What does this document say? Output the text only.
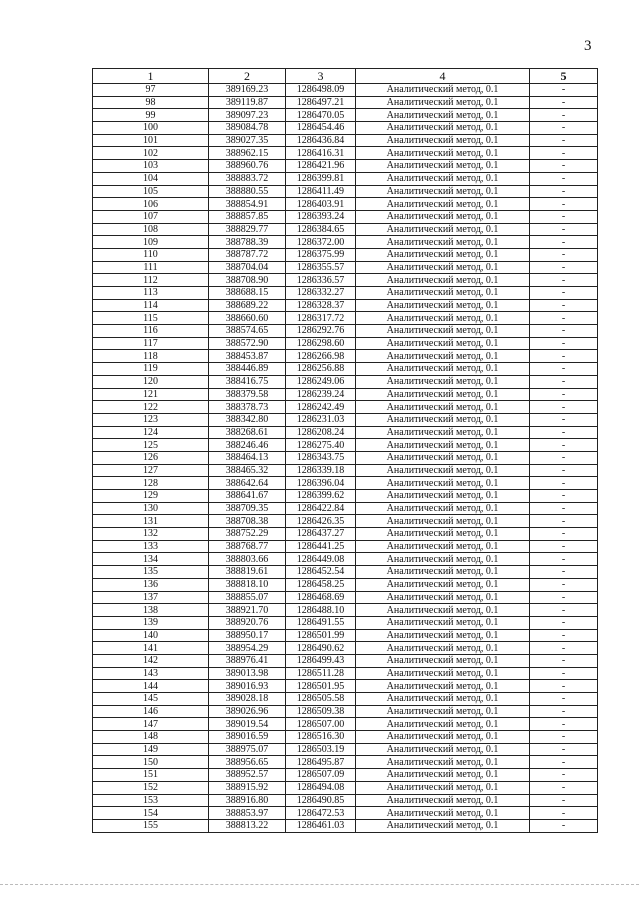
3
1	2	3	4	5
97	389169.23	1286498.09	Аналитический метод, 0.1	-
98	389119.87	1286497.21	Аналитический метод, 0.1	-
99	389097.23	1286470.05	Аналитический метод, 0.1	-
100	389084.78	1286454.46	Аналитический метод, 0.1	-
101	389027.35	1286436.84	Аналитический метод, 0.1	-
102	388962.15	1286416.31	Аналитический метод, 0.1	-
103	388960.76	1286421.96	Аналитический метод, 0.1	-
104	388883.72	1286399.81	Аналитический метод, 0.1	-
105	388880.55	1286411.49	Аналитический метод, 0.1	-
106	388854.91	1286403.91	Аналитический метод, 0.1	-
107	388857.85	1286393.24	Аналитический метод, 0.1	-
108	388829.77	1286384.65	Аналитический метод, 0.1	-
109	388788.39	1286372.00	Аналитический метод, 0.1	-
110	388787.72	1286375.99	Аналитический метод, 0.1	-
111	388704.04	1286355.57	Аналитический метод, 0.1	-
112	388708.90	1286336.57	Аналитический метод, 0.1	-
113	388688.15	1286332.27	Аналитический метод, 0.1	-
114	388689.22	1286328.37	Аналитический метод, 0.1	-
115	388660.60	1286317.72	Аналитический метод, 0.1	-
116	388574.65	1286292.76	Аналитический метод, 0.1	-
117	388572.90	1286298.60	Аналитический метод, 0.1	-
118	388453.87	1286266.98	Аналитический метод, 0.1	-
119	388446.89	1286256.88	Аналитический метод, 0.1	-
120	388416.75	1286249.06	Аналитический метод, 0.1	-
121	388379.58	1286239.24	Аналитический метод, 0.1	-
122	388378.73	1286242.49	Аналитический метод, 0.1	-
123	388342.80	1286231.03	Аналитический метод, 0.1	-
124	388268.61	1286208.24	Аналитический метод, 0.1	-
125	388246.46	1286275.40	Аналитический метод, 0.1	-
126	388464.13	1286343.75	Аналитический метод, 0.1	-
127	388465.32	1286339.18	Аналитический метод, 0.1	-
128	388642.64	1286396.04	Аналитический метод, 0.1	-
129	388641.67	1286399.62	Аналитический метод, 0.1	-
130	388709.35	1286422.84	Аналитический метод, 0.1	-
131	388708.38	1286426.35	Аналитический метод, 0.1	-
132	388752.29	1286437.27	Аналитический метод, 0.1	-
133	388768.77	1286441.25	Аналитический метод, 0.1	-
134	388803.66	1286449.08	Аналитический метод, 0.1	-
135	388819.61	1286452.54	Аналитический метод, 0.1	-
136	388818.10	1286458.25	Аналитический метод, 0.1	-
137	388855.07	1286468.69	Аналитический метод, 0.1	-
138	388921.70	1286488.10	Аналитический метод, 0.1	-
139	388920.76	1286491.55	Аналитический метод, 0.1	-
140	388950.17	1286501.99	Аналитический метод, 0.1	-
141	388954.29	1286490.62	Аналитический метод, 0.1	-
142	388976.41	1286499.43	Аналитический метод, 0.1	-
143	389013.98	1286511.28	Аналитический метод, 0.1	-
144	389016.93	1286501.95	Аналитический метод, 0.1	-
145	389028.18	1286505.58	Аналитический метод, 0.1	-
146	389026.96	1286509.38	Аналитический метод, 0.1	-
147	389019.54	1286507.00	Аналитический метод, 0.1	-
148	389016.59	1286516.30	Аналитический метод, 0.1	-
149	388975.07	1286503.19	Аналитический метод, 0.1	-
150	388956.65	1286495.87	Аналитический метод, 0.1	-
151	388952.57	1286507.09	Аналитический метод, 0.1	-
152	388915.92	1286494.08	Аналитический метод, 0.1	-
153	388916.80	1286490.85	Аналитический метод, 0.1	-
154	388853.97	1286472.53	Аналитический метод, 0.1	-
155	388813.22	1286461.03	Аналитический метод, 0.1	-
